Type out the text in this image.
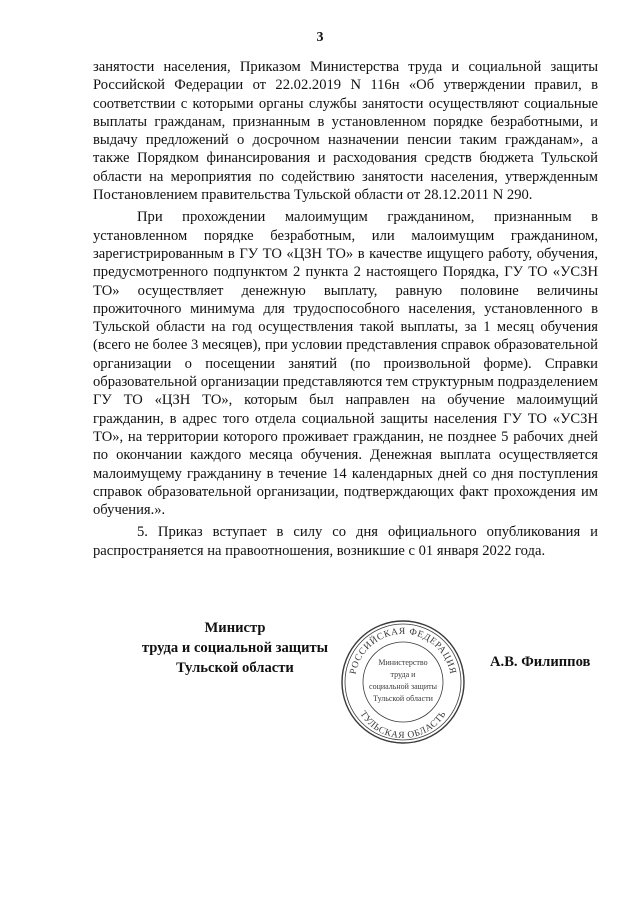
3

занятости населения, Приказом Министерства труда и социальной защиты Российской Федерации от 22.02.2019 N 116н «Об утверждении правил, в соответствии с которыми органы службы занятости осуществляют социальные выплаты гражданам, признанным в установленном порядке безработными, и выдачу предложений о досрочном назначении пенсии таким гражданам», а также Порядком финансирования и расходования средств бюджета Тульской области на мероприятия по содействию занятости населения, утвержденным Постановлением правительства Тульской области от 28.12.2011 N 290.

При прохождении малоимущим гражданином, признанным в установленном порядке безработным, или малоимущим гражданином, зарегистрированным в ГУ ТО «ЦЗН ТО» в качестве ищущего работу, обучения, предусмотренного подпунктом 2 пункта 2 настоящего Порядка, ГУ ТО «УСЗН ТО» осуществляет денежную выплату, равную половине величины прожиточного минимума для трудоспособного населения, установленного в Тульской области на год осуществления такой выплаты, за 1 месяц обучения (всего не более 3 месяцев), при условии представления справок образовательной организации о посещении занятий (по произвольной форме). Справки образовательной организации представляются тем структурным подразделением ГУ ТО «ЦЗН ТО», которым был направлен на обучение малоимущий гражданин, в адрес того отдела социальной защиты населения ГУ ТО «УСЗН ТО», на территории которого проживает гражданин, не позднее 5 рабочих дней по окончании каждого месяца обучения. Денежная выплата осуществляется малоимущему гражданину в течение 14 календарных дней со дня поступления справок образовательной организации, подтверждающих факт прохождения им обучения.».

5. Приказ вступает в силу со дня официального опубликования и распространяется на правоотношения, возникшие с 01 января 2022 года.

Министр
труда и социальной защиты
Тульской области	РОССИЙСКАЯ ФЕДЕРАЦИЯ
ТУЛЬСКАЯ ОБЛАСТЬ
Министерство
труда и
социальной защиты
Тульской области
А.В. Филиппов
